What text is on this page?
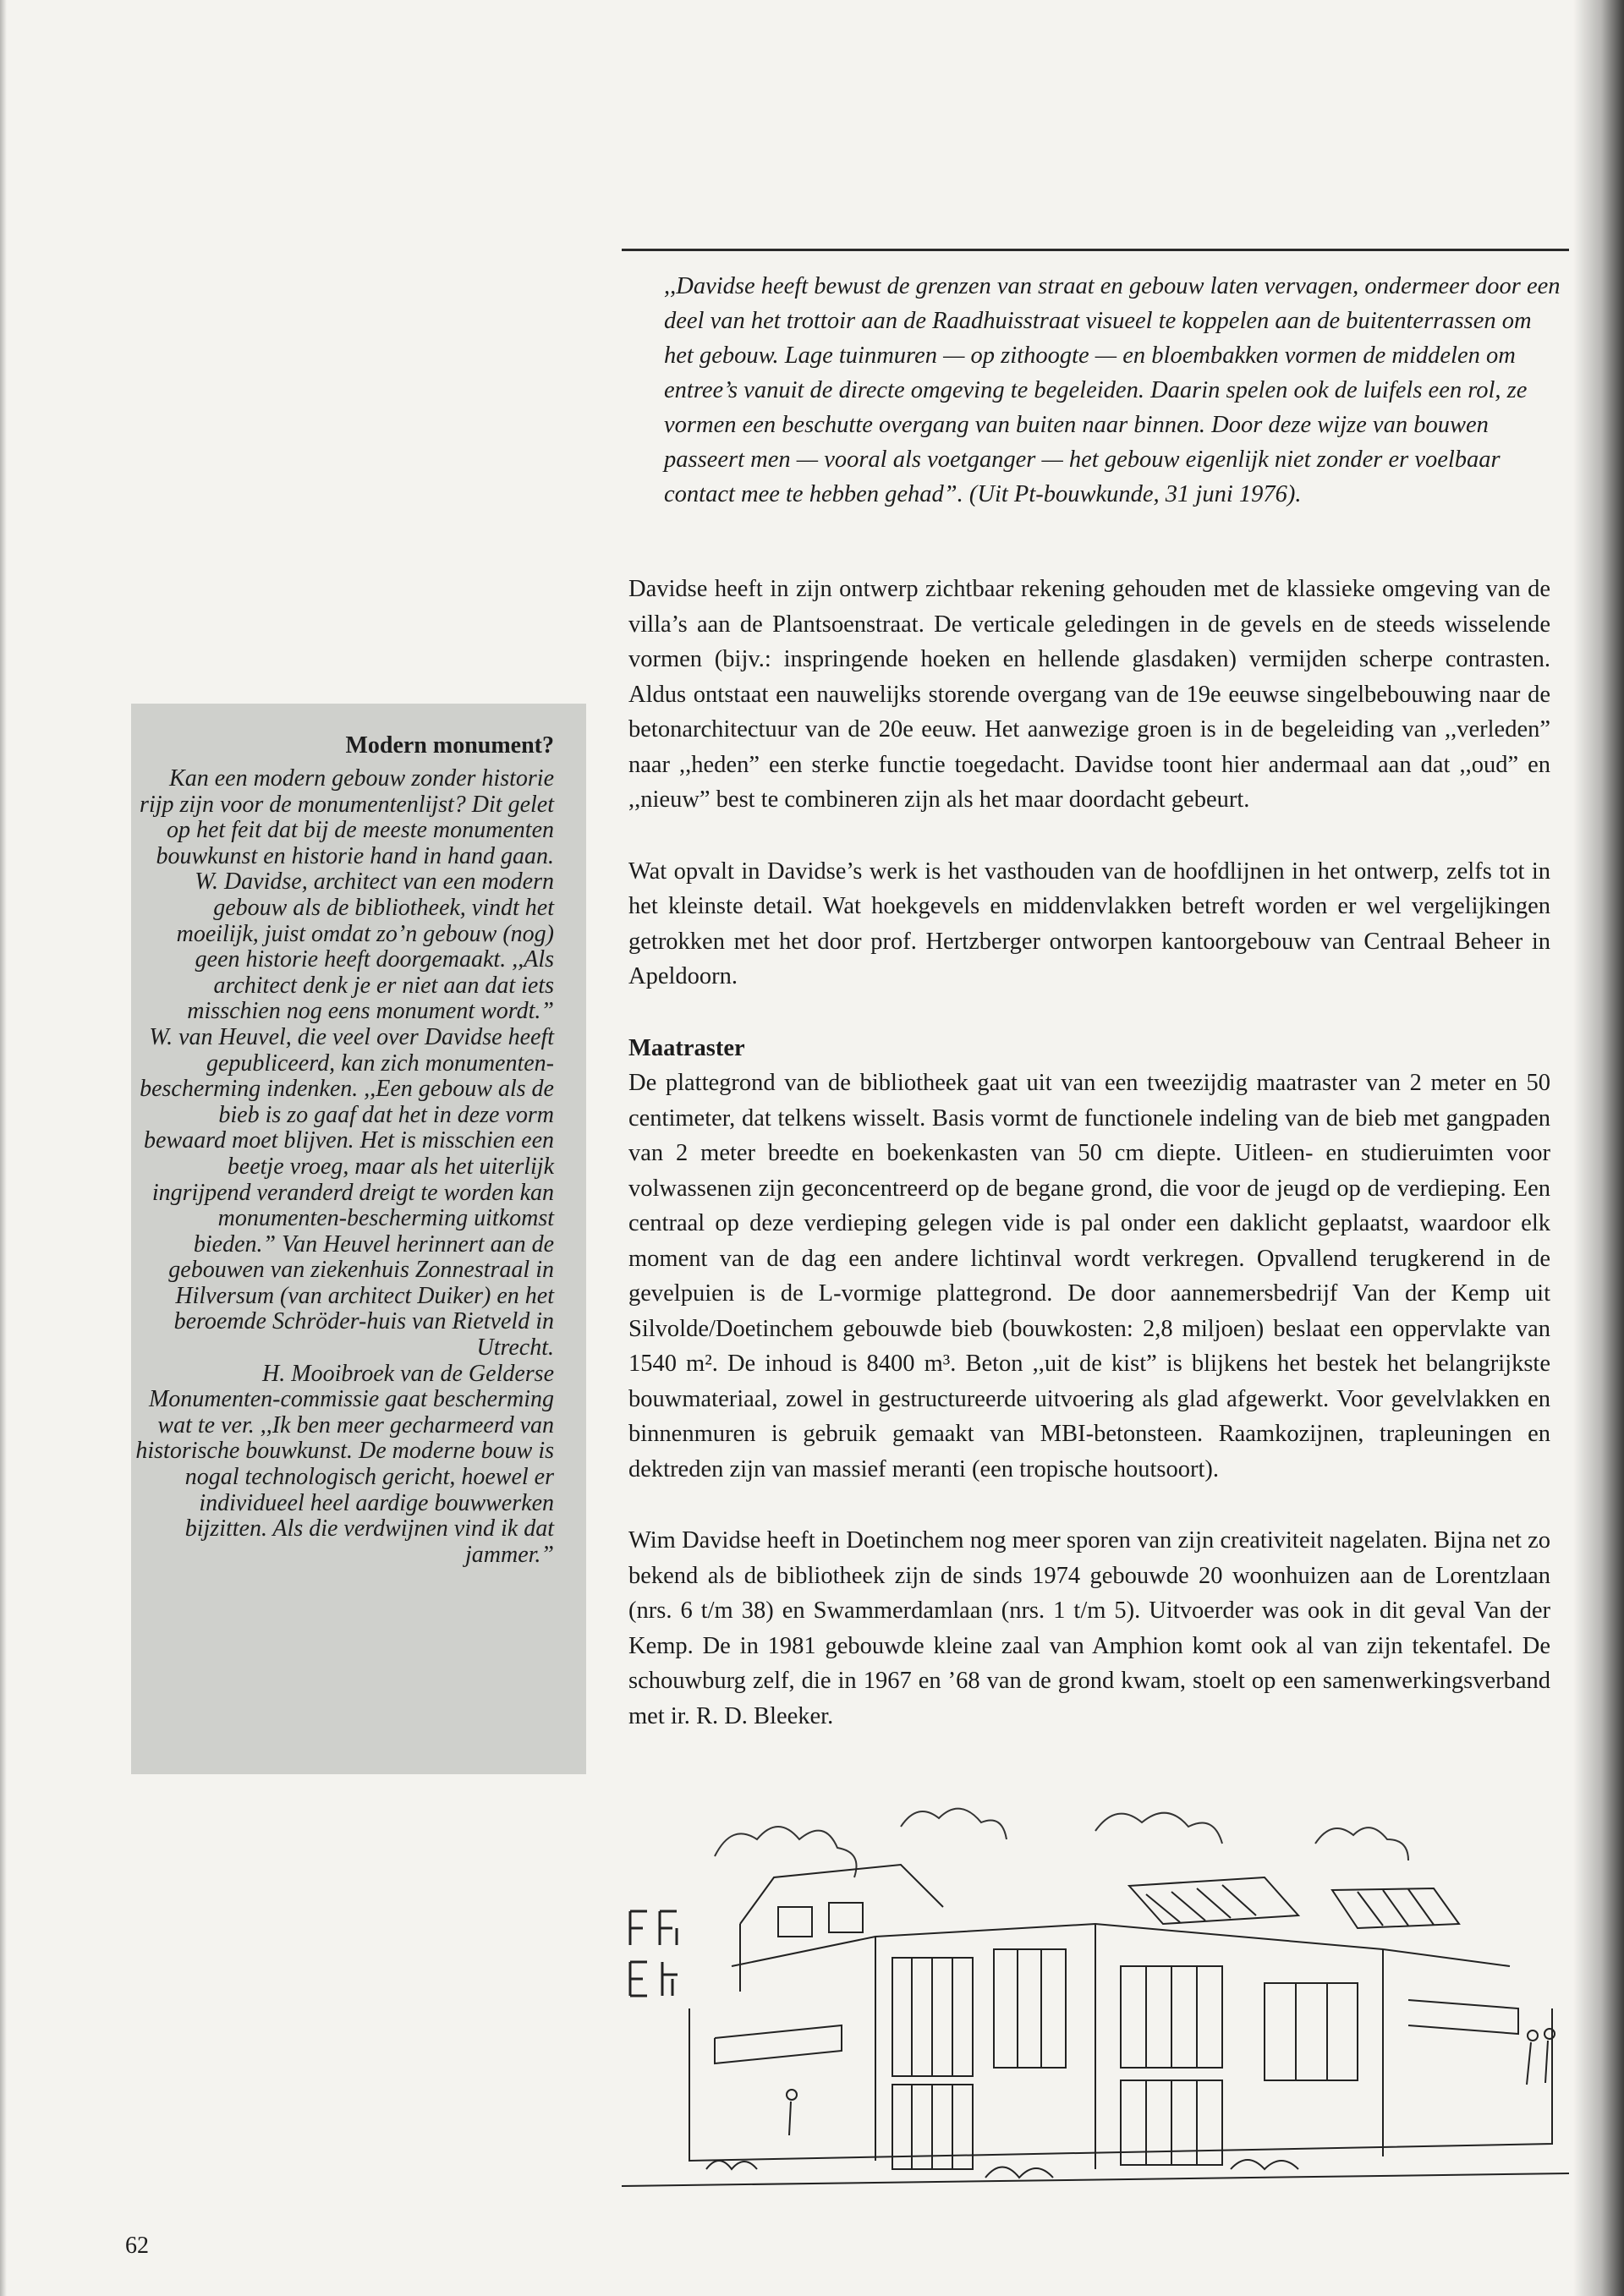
,,Davidse heeft bewust de grenzen van straat en gebouw laten vervagen, ondermeer door een deel van het trottoir aan de Raadhuisstraat visueel te koppelen aan de buitenterrassen om het gebouw. Lage tuinmuren — op zithoogte — en bloembakken vormen de middelen om entree’s vanuit de directe omgeving te begeleiden. Daarin spelen ook de luifels een rol, ze vormen een beschutte overgang van buiten naar binnen. Door deze wijze van bouwen passeert men — vooral als voetganger — het gebouw eigenlijk niet zonder er voelbaar contact mee te hebben gehad”. (Uit Pt-bouwkunde, 31 juni 1976).

Davidse heeft in zijn ontwerp zichtbaar rekening gehouden met de klassieke omgeving van de villa’s aan de Plantsoenstraat. De verticale geledingen in de gevels en de steeds wisselende vormen (bijv.: inspringende hoeken en hellende glasdaken) vermijden scherpe contrasten. Aldus ontstaat een nauwelijks storende overgang van de 19e eeuwse singelbebouwing naar de betonarchitectuur van de 20e eeuw. Het aanwezige groen is in de begeleiding van ,,verleden” naar ,,heden” een sterke functie toegedacht. Davidse toont hier andermaal aan dat ,,oud” en ,,nieuw” best te combineren zijn als het maar doordacht gebeurt.

Wat opvalt in Davidse’s werk is het vasthouden van de hoofdlijnen in het ontwerp, zelfs tot in het kleinste detail. Wat hoekgevels en middenvlakken betreft worden er wel vergelijkingen getrokken met het door prof. Hertzberger ontworpen kantoorgebouw van Centraal Beheer in Apeldoorn.

Maatraster

De plattegrond van de bibliotheek gaat uit van een tweezijdig maatraster van 2 meter en 50 centimeter, dat telkens wisselt. Basis vormt de functionele indeling van de bieb met gangpaden van 2 meter breedte en boekenkasten van 50 cm diepte. Uitleen- en studieruimten voor volwassenen zijn geconcentreerd op de begane grond, die voor de jeugd op de verdieping. Een centraal op deze verdieping gelegen vide is pal onder een daklicht geplaatst, waardoor elk moment van de dag een andere lichtinval wordt verkregen. Opvallend terugkerend in de gevelpuien is de L-vormige plattegrond. De door aannemersbedrijf Van der Kemp uit Silvolde/Doetinchem gebouwde bieb (bouwkosten: 2,8 miljoen) beslaat een oppervlakte van 1540 m². De inhoud is 8400 m³. Beton ,,uit de kist” is blijkens het bestek het belangrijkste bouwmateriaal, zowel in gestructureerde uitvoering als glad afgewerkt. Voor gevelvlakken en binnenmuren is gebruik gemaakt van MBI-betonsteen. Raamkozijnen, trapleuningen en dektreden zijn van massief meranti (een tropische houtsoort).

Wim Davidse heeft in Doetinchem nog meer sporen van zijn creativiteit nagelaten. Bijna net zo bekend als de bibliotheek zijn de sinds 1974 gebouwde 20 woonhuizen aan de Lorentzlaan (nrs. 6 t/m 38) en Swammerdamlaan (nrs. 1 t/m 5). Uitvoerder was ook in dit geval Van der Kemp. De in 1981 gebouwde kleine zaal van Amphion komt ook al van zijn tekentafel. De schouwburg zelf, die in 1967 en ’68 van de grond kwam, stoelt op een samenwerkingsverband met ir. R. D. Bleeker.

Modern monument?

Kan een modern gebouw zonder historie rijp zijn voor de monumentenlijst? Dit gelet op het feit dat bij de meeste monumenten bouwkunst en historie hand in hand gaan.

W. Davidse, architect van een modern gebouw als de bibliotheek, vindt het moeilijk, juist omdat zo’n gebouw (nog) geen historie heeft doorgemaakt. ,,Als architect denk je er niet aan dat iets misschien nog eens monument wordt.”

W. van Heuvel, die veel over Davidse heeft gepubliceerd, kan zich monumenten-bescherming indenken. ,,Een gebouw als de bieb is zo gaaf dat het in deze vorm bewaard moet blijven. Het is misschien een beetje vroeg, maar als het uiterlijk ingrijpend veranderd dreigt te worden kan monumenten-bescherming uitkomst bieden.” Van Heuvel herinnert aan de gebouwen van ziekenhuis Zonnestraal in Hilversum (van architect Duiker) en het beroemde Schröder-huis van Rietveld in Utrecht.

H. Mooibroek van de Gelderse Monumenten-commissie gaat bescherming wat te ver. ,,Ik ben meer gecharmeerd van historische bouwkunst. De moderne bouw is nogal technologisch gericht, hoewel er individueel heel aardige bouwwerken bijzitten. Als die verdwijnen vind ik dat jammer.”

62
